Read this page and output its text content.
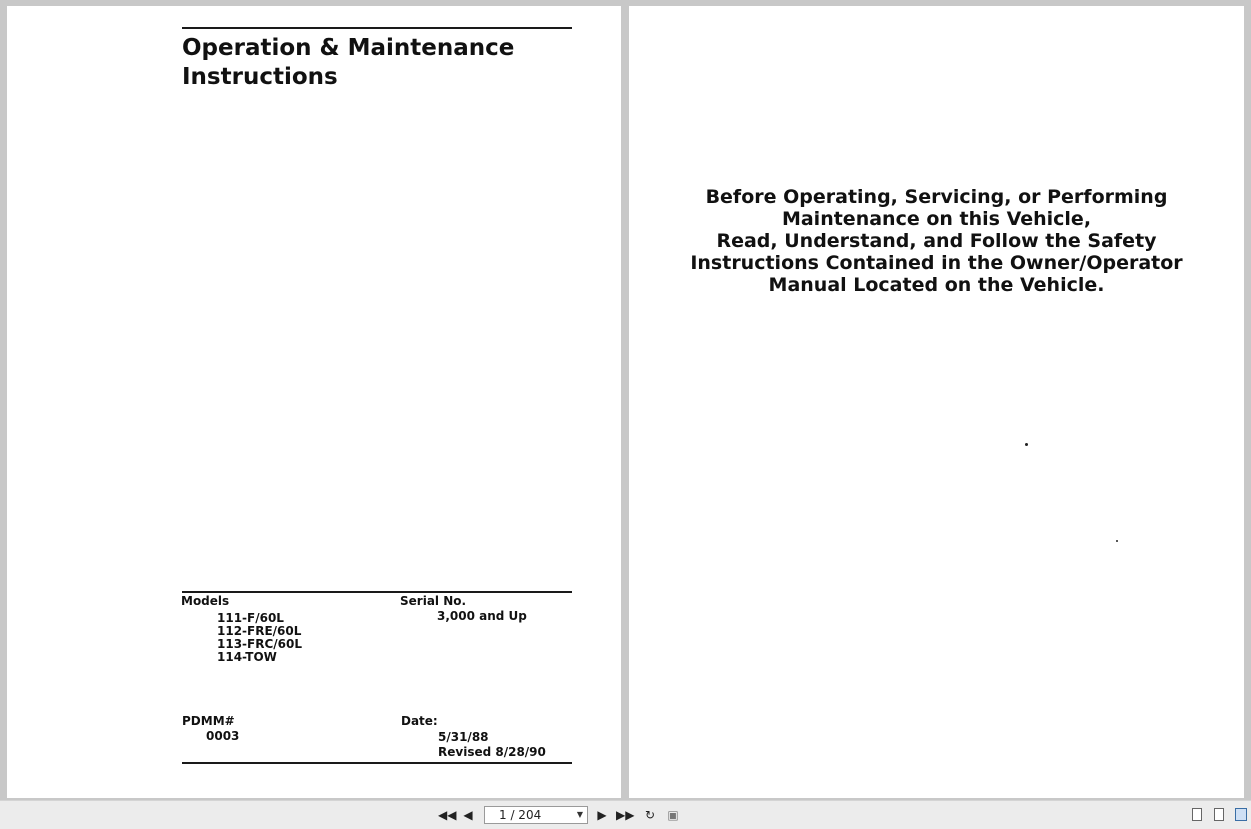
Operation & Maintenance
Instructions
Models
111-F/60L
112-FRE/60L
113-FRC/60L
114-TOW
Serial No.
3,000 and Up
PDMM#
0003
Date:
5/31/88
Revised 8/28/90
Before Operating, Servicing, or Performing
Maintenance on this Vehicle,
Read, Understand, and Follow the Safety
Instructions Contained in the Owner/Operator
Manual Located on the Vehicle.
◀◀ ◀	1 / 204	▼ ▶ ▶▶ ↻ ▣
